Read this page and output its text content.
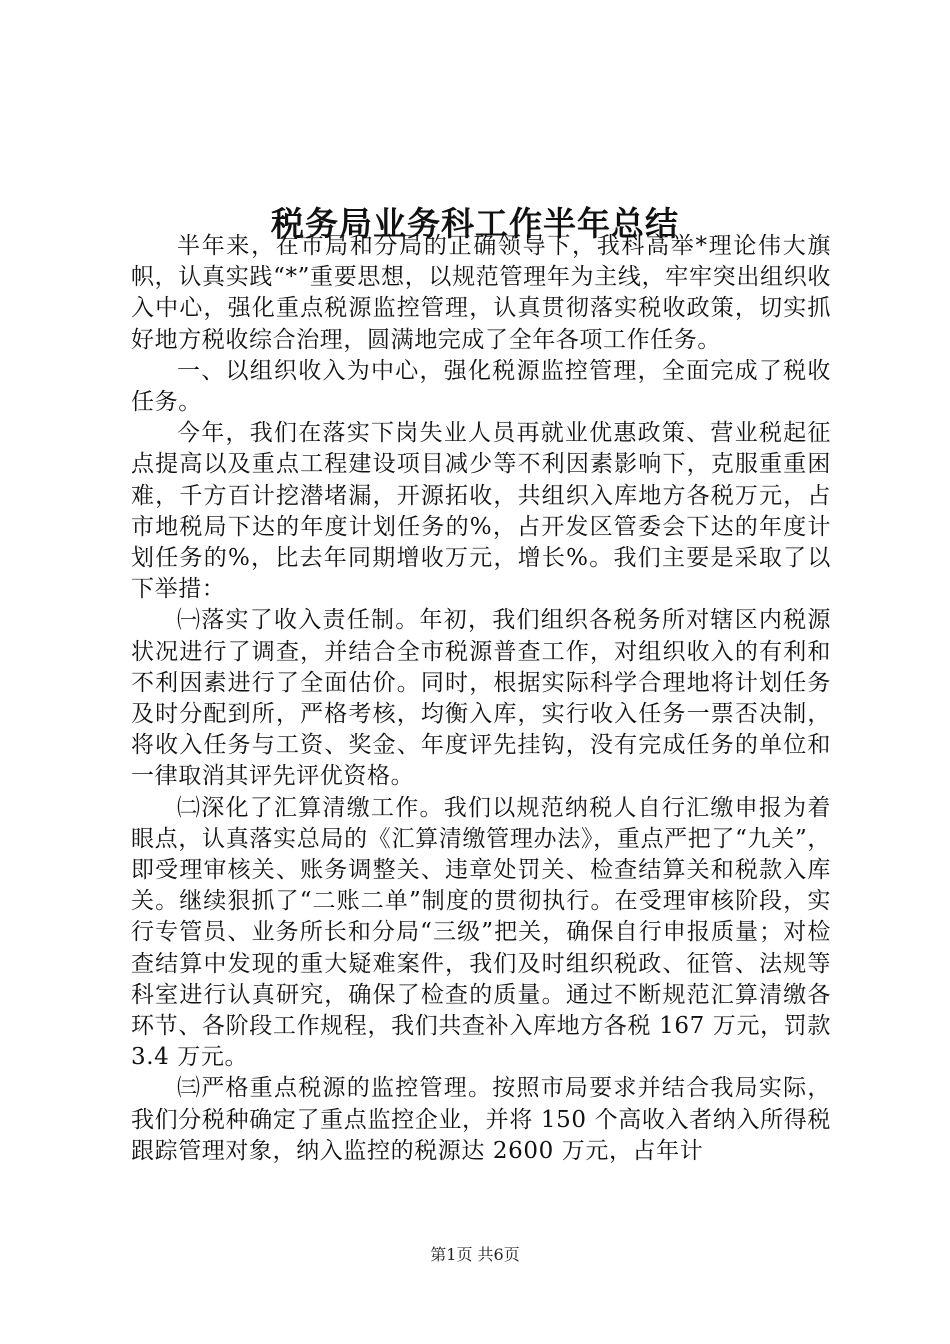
税务局业务科工作半年总结

半年来，在市局和分局的正确领导下，我科高举*理论伟大旗帜，认真实践“*”重要思想，以规范管理年为主线，牢牢突出组织收入中心，强化重点税源监控管理，认真贯彻落实税收政策，切实抓好地方税收综合治理，圆满地完成了全年各项工作任务。

一、以组织收入为中心，强化税源监控管理，全面完成了税收任务。

今年，我们在落实下岗失业人员再就业优惠政策、营业税起征点提高以及重点工程建设项目减少等不利因素影响下，克服重重困难，千方百计挖潜堵漏，开源拓收，共组织入库地方各税万元，占市地税局下达的年度计划任务的%，占开发区管委会下达的年度计划任务的%，比去年同期增收万元，增长%。我们主要是采取了以下举措：

㈠落实了收入责任制。年初，我们组织各税务所对辖区内税源状况进行了调查，并结合全市税源普查工作，对组织收入的有利和不利因素进行了全面估价。同时，根据实际科学合理地将计划任务及时分配到所，严格考核，均衡入库，实行收入任务一票否决制，将收入任务与工资、奖金、年度评先挂钩，没有完成任务的单位和一律取消其评先评优资格。

㈡深化了汇算清缴工作。我们以规范纳税人自行汇缴申报为着眼点，认真落实总局的《汇算清缴管理办法》，重点严把了“九关”，即受理审核关、账务调整关、违章处罚关、检查结算关和税款入库关。继续狠抓了“二账二单”制度的贯彻执行。在受理审核阶段，实行专管员、业务所长和分局“三级”把关，确保自行申报质量；对检查结算中发现的重大疑难案件，我们及时组织税政、征管、法规等科室进行认真研究，确保了检查的质量。通过不断规范汇算清缴各环节、各阶段工作规程，我们共查补入库地方各税 167 万元，罚款 3.4 万元。

㈢严格重点税源的监控管理。按照市局要求并结合我局实际，我们分税种确定了重点监控企业，并将 150 个高收入者纳入所得税跟踪管理对象，纳入监控的税源达 2600 万元，占年计

第1页 共6页
